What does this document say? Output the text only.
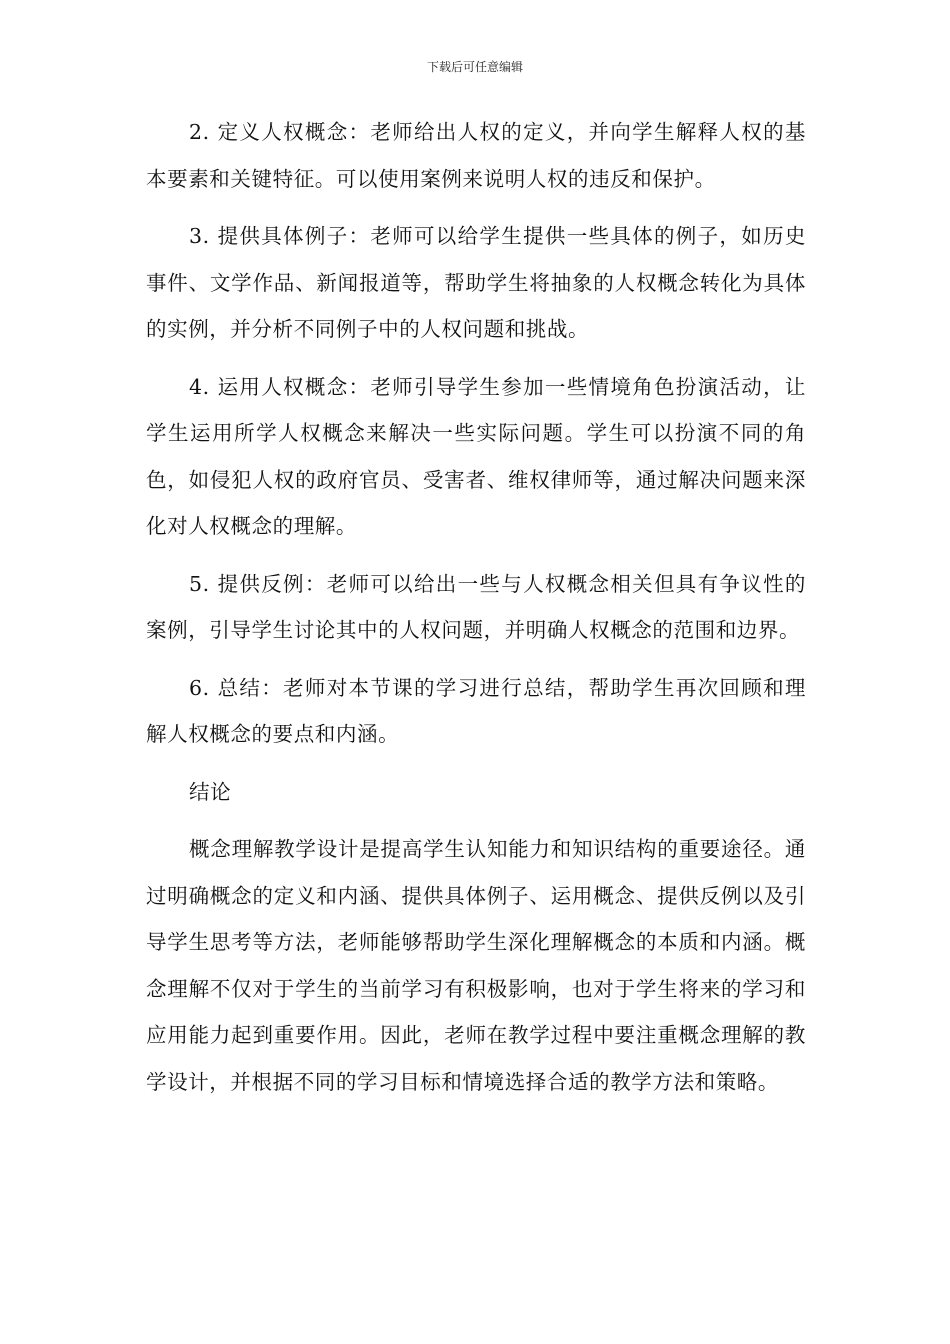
下载后可任意编辑

2. 定义人权概念：老师给出人权的定义，并向学生解释人权的基本要素和关键特征。可以使用案例来说明人权的违反和保护。

3. 提供具体例子：老师可以给学生提供一些具体的例子，如历史事件、文学作品、新闻报道等，帮助学生将抽象的人权概念转化为具体的实例，并分析不同例子中的人权问题和挑战。

4. 运用人权概念：老师引导学生参加一些情境角色扮演活动，让学生运用所学人权概念来解决一些实际问题。学生可以扮演不同的角色，如侵犯人权的政府官员、受害者、维权律师等，通过解决问题来深化对人权概念的理解。

5. 提供反例：老师可以给出一些与人权概念相关但具有争议性的案例，引导学生讨论其中的人权问题，并明确人权概念的范围和边界。

6. 总结：老师对本节课的学习进行总结，帮助学生再次回顾和理解人权概念的要点和内涵。

结论

概念理解教学设计是提高学生认知能力和知识结构的重要途径。通过明确概念的定义和内涵、提供具体例子、运用概念、提供反例以及引导学生思考等方法，老师能够帮助学生深化理解概念的本质和内涵。概念理解不仅对于学生的当前学习有积极影响，也对于学生将来的学习和应用能力起到重要作用。因此，老师在教学过程中要注重概念理解的教学设计，并根据不同的学习目标和情境选择合适的教学方法和策略。
